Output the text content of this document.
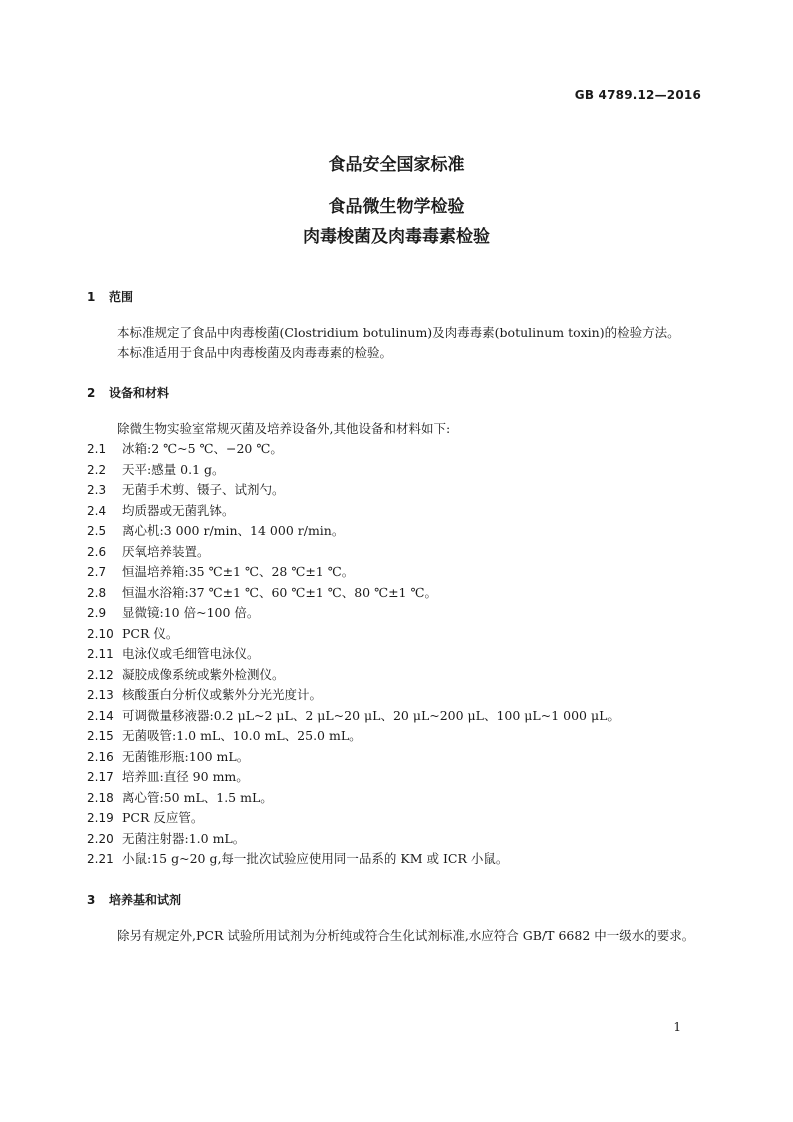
GB 4789.12—2016
食品安全国家标准
食品微生物学检验
肉毒梭菌及肉毒毒素检验
1 范围
本标准规定了食品中肉毒梭菌(Clostridium botulinum)及肉毒毒素(botulinum toxin)的检验方法。
本标准适用于食品中肉毒梭菌及肉毒毒素的检验。
2 设备和材料
除微生物实验室常规灭菌及培养设备外,其他设备和材料如下:
2.1 冰箱:2 ℃~5 ℃、−20 ℃。
2.2 天平:感量 0.1 g。
2.3 无菌手术剪、镊子、试剂勺。
2.4 均质器或无菌乳钵。
2.5 离心机:3 000 r/min、14 000 r/min。
2.6 厌氧培养装置。
2.7 恒温培养箱:35 ℃±1 ℃、28 ℃±1 ℃。
2.8 恒温水浴箱:37 ℃±1 ℃、60 ℃±1 ℃、80 ℃±1 ℃。
2.9 显微镜:10 倍~100 倍。
2.10 PCR 仪。
2.11 电泳仪或毛细管电泳仪。
2.12 凝胶成像系统或紫外检测仪。
2.13 核酸蛋白分析仪或紫外分光光度计。
2.14 可调微量移液器:0.2 μL~2 μL、2 μL~20 μL、20 μL~200 μL、100 μL~1 000 μL。
2.15 无菌吸管:1.0 mL、10.0 mL、25.0 mL。
2.16 无菌锥形瓶:100 mL。
2.17 培养皿:直径 90 mm。
2.18 离心管:50 mL、1.5 mL。
2.19 PCR 反应管。
2.20 无菌注射器:1.0 mL。
2.21 小鼠:15 g~20 g,每一批次试验应使用同一品系的 KM 或 ICR 小鼠。
3 培养基和试剂
除另有规定外,PCR 试验所用试剂为分析纯或符合生化试剂标准,水应符合 GB/T 6682 中一级水的要求。
1
